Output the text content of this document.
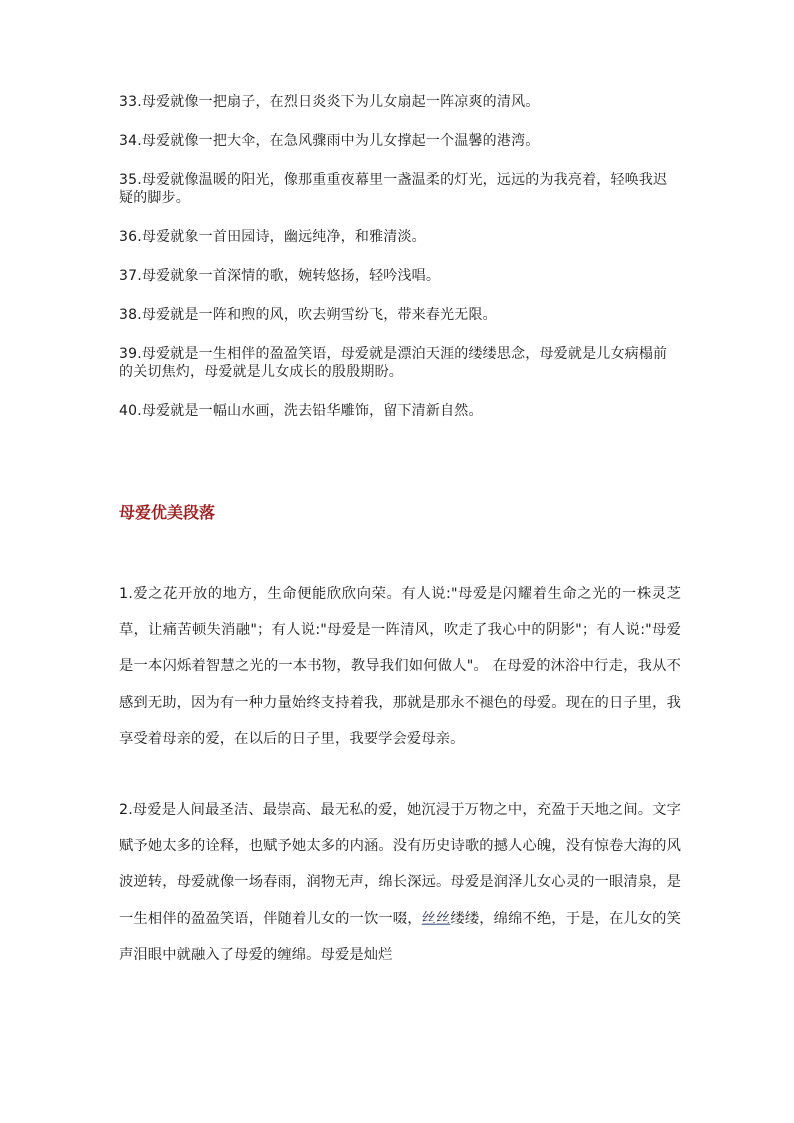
33.母爱就像一把扇子，在烈日炎炎下为儿女扇起一阵凉爽的清风。

34.母爱就像一把大伞，在急风骤雨中为儿女撑起一个温馨的港湾。

35.母爱就像温暖的阳光，像那重重夜幕里一盏温柔的灯光，远远的为我亮着，轻唤我迟疑的脚步。

36.母爱就象一首田园诗，幽远纯净，和雅清淡。

37.母爱就象一首深情的歌，婉转悠扬，轻吟浅唱。

38.母爱就是一阵和煦的风，吹去朔雪纷飞，带来春光无限。

39.母爱就是一生相伴的盈盈笑语，母爱就是漂泊天涯的缕缕思念，母爱就是儿女病榻前的关切焦灼，母爱就是儿女成长的殷殷期盼。

40.母爱就是一幅山水画，洗去铅华雕饰，留下清新自然。

母爱优美段落

1.爱之花开放的地方，生命便能欣欣向荣。有人说:"母爱是闪耀着生命之光的一株灵芝草，让痛苦顿失消融"；有人说:"母爱是一阵清风，吹走了我心中的阴影"；有人说:"母爱是一本闪烁着智慧之光的一本书物，教导我们如何做人"。 在母爱的沐浴中行走，我从不感到无助，因为有一种力量始终支持着我，那就是那永不褪色的母爱。现在的日子里，我享受着母亲的爱，在以后的日子里，我要学会爱母亲。

2.母爱是人间最圣洁、最崇高、最无私的爱，她沉浸于万物之中，充盈于天地之间。文字赋予她太多的诠释，也赋予她太多的内涵。没有历史诗歌的撼人心魄，没有惊卷大海的风波逆转，母爱就像一场春雨，润物无声，绵长深远。母爱是润泽儿女心灵的一眼清泉，是一生相伴的盈盈笑语，伴随着儿女的一饮一啜，丝丝缕缕，绵绵不绝，于是，在儿女的笑声泪眼中就融入了母爱的缠绵。母爱是灿烂
